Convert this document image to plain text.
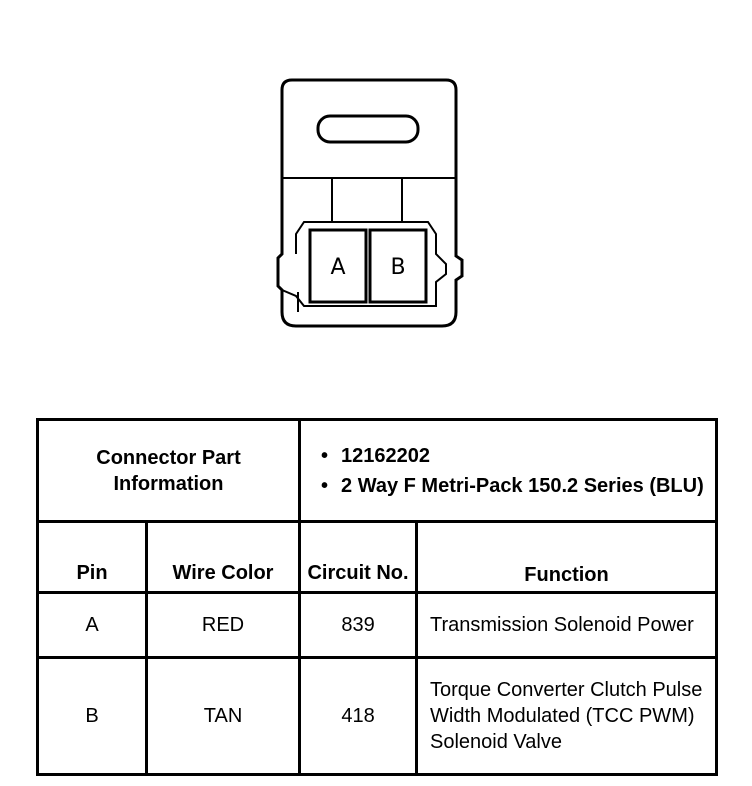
A B
Connector Part Information		• 12162202
• 2 Way F Metri-Pack 150.2 Series (BLU)

Pin	Wire Color	Circuit No.	Function
A	RED	839	Transmission Solenoid Power
B	TAN	418	Torque Converter Clutch Pulse Width Modulated (TCC PWM) Solenoid Valve
